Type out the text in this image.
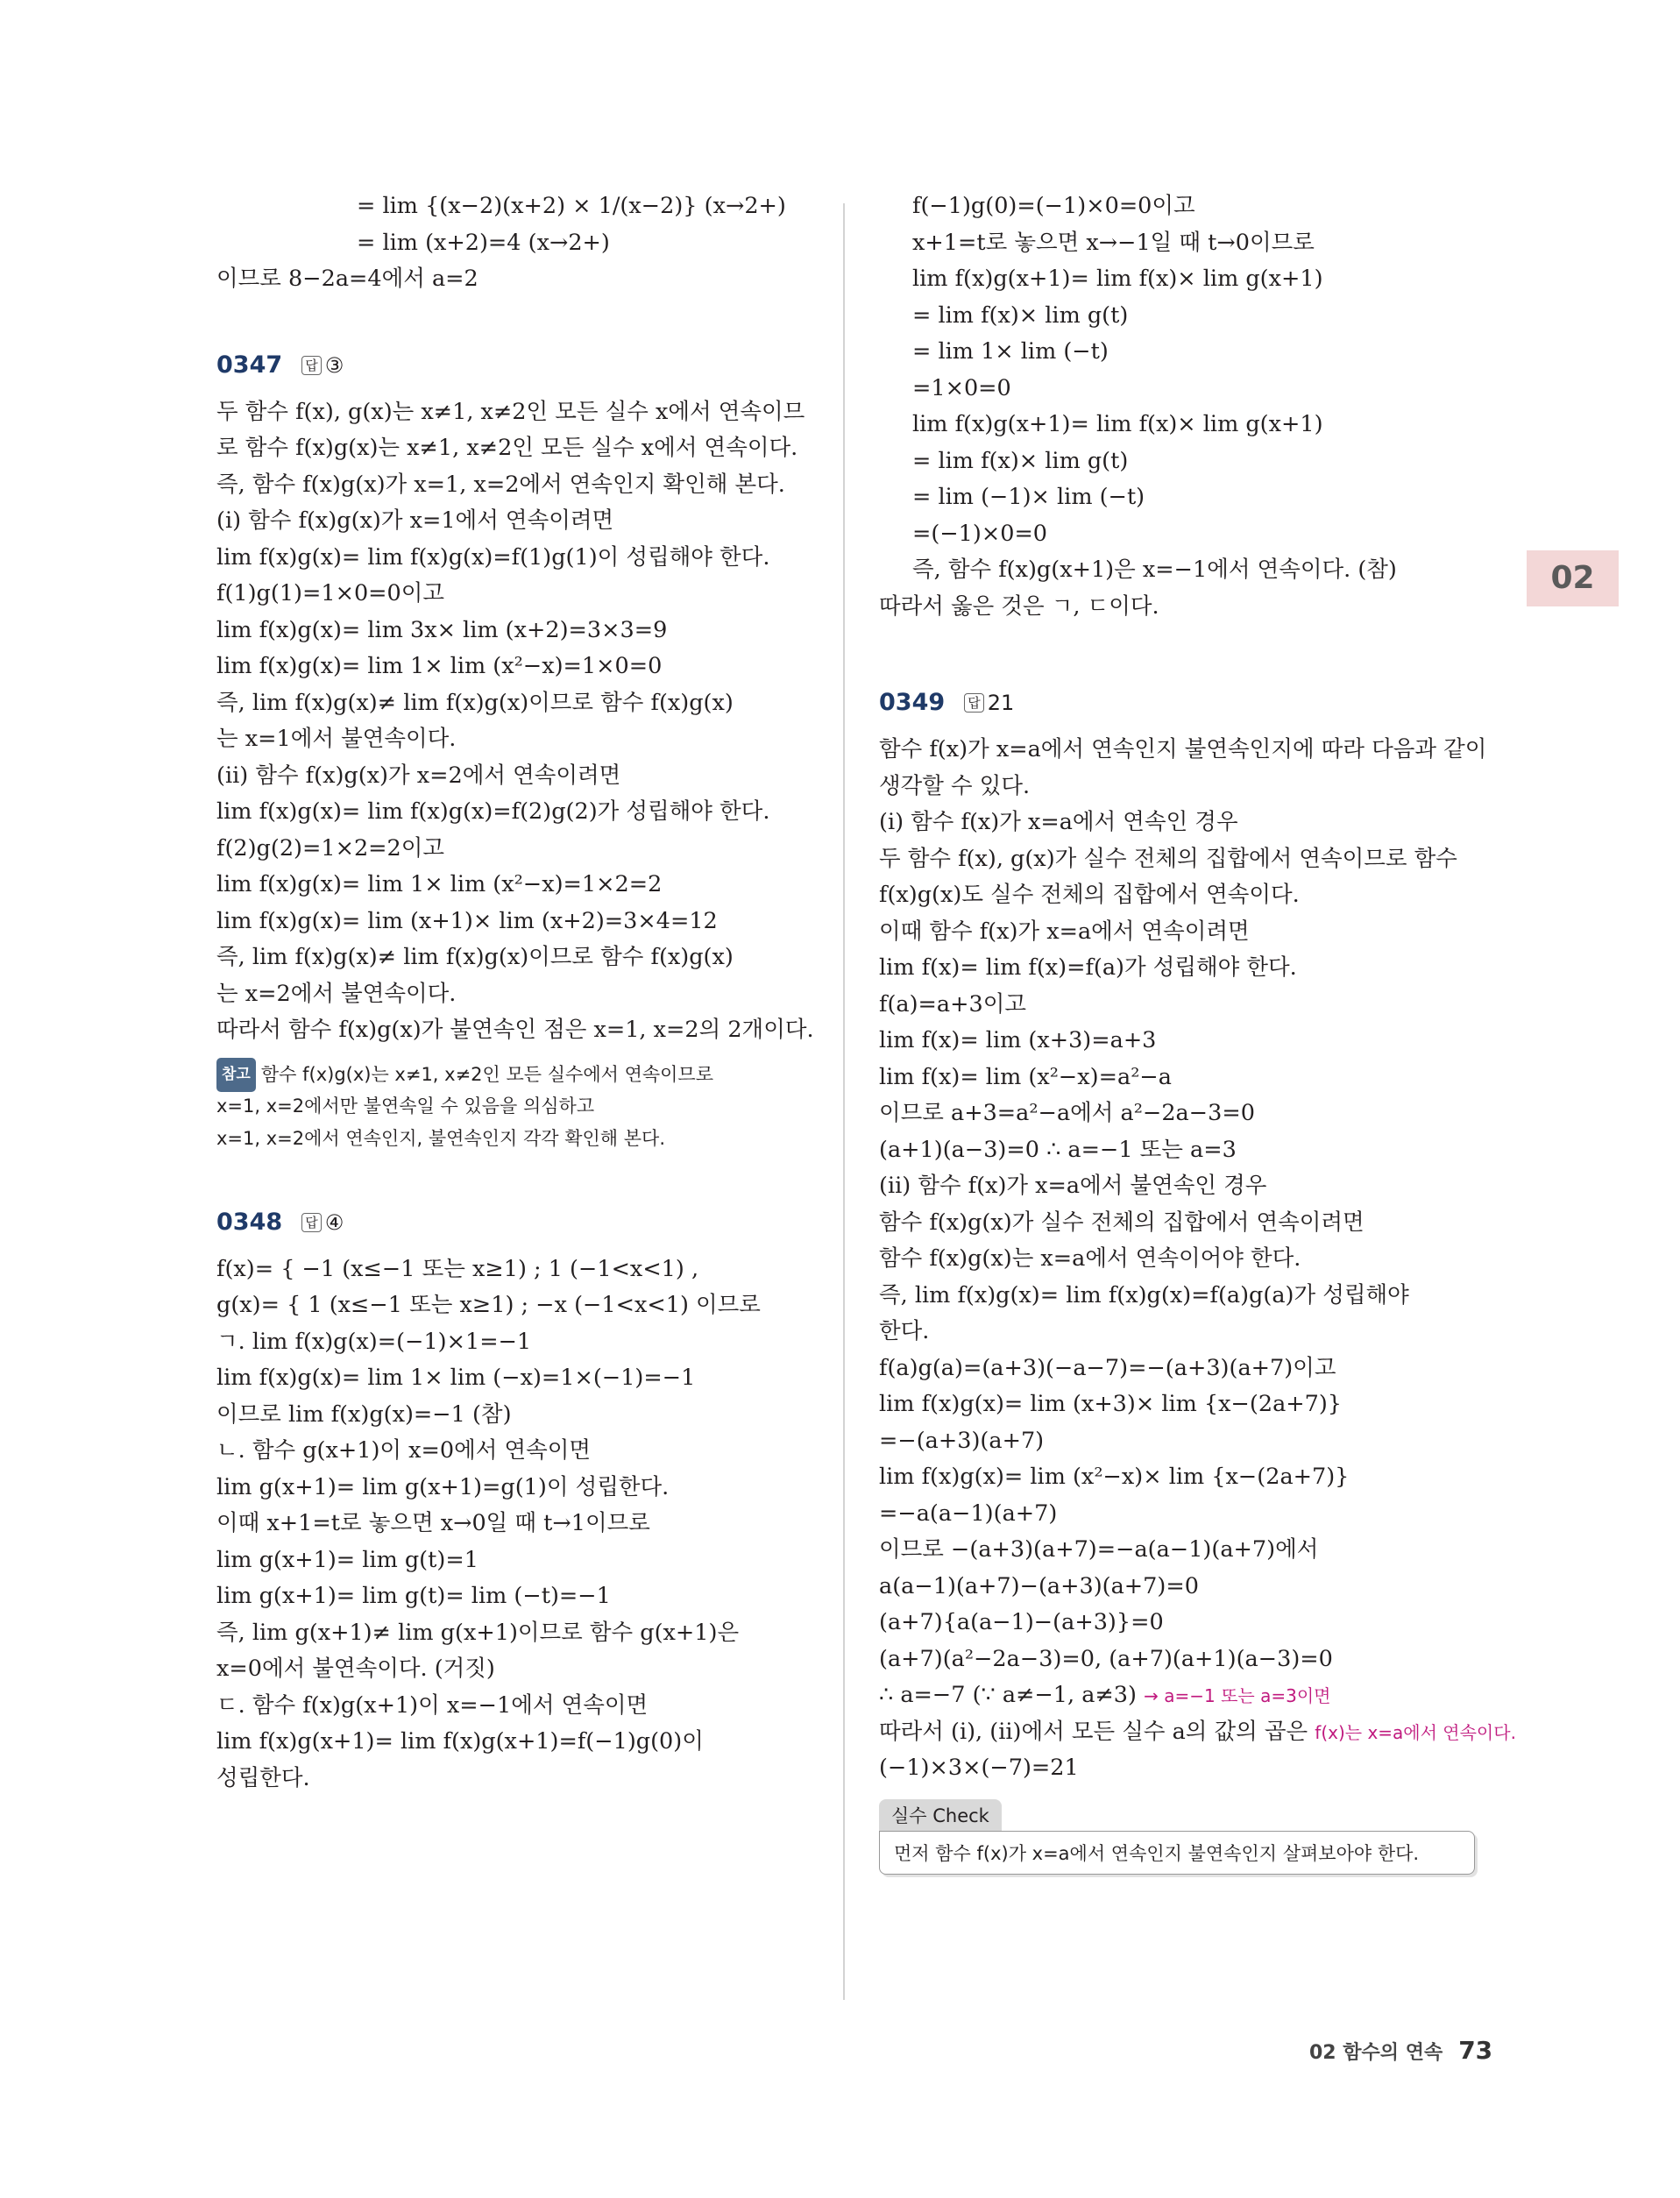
02
= lim {(x−2)(x+2) × 1/(x−2)} (x→2+)
= lim (x+2)=4 (x→2+)
이므로 8−2a=4에서 a=2
0347 답 ③
두 함수 f(x), g(x)는 x≠1, x≠2인 모든 실수 x에서 연속이므
로 함수 f(x)g(x)는 x≠1, x≠2인 모든 실수 x에서 연속이다.
즉, 함수 f(x)g(x)가 x=1, x=2에서 연속인지 확인해 본다.
(ⅰ) 함수 f(x)g(x)가 x=1에서 연속이려면
lim f(x)g(x)= lim f(x)g(x)=f(1)g(1)이 성립해야 한다.
f(1)g(1)=1×0=0이고
lim f(x)g(x)= lim 3x× lim (x+2)=3×3=9
lim f(x)g(x)= lim 1× lim (x²−x)=1×0=0
즉, lim f(x)g(x)≠ lim f(x)g(x)이므로 함수 f(x)g(x)
는 x=1에서 불연속이다.
(ⅱ) 함수 f(x)g(x)가 x=2에서 연속이려면
lim f(x)g(x)= lim f(x)g(x)=f(2)g(2)가 성립해야 한다.
f(2)g(2)=1×2=2이고
lim f(x)g(x)= lim 1× lim (x²−x)=1×2=2
lim f(x)g(x)= lim (x+1)× lim (x+2)=3×4=12
즉, lim f(x)g(x)≠ lim f(x)g(x)이므로 함수 f(x)g(x)
는 x=2에서 불연속이다.
따라서 함수 f(x)g(x)가 불연속인 점은 x=1, x=2의 2개이다.
참고 함수 f(x)g(x)는 x≠1, x≠2인 모든 실수에서 연속이므로
x=1, x=2에서만 불연속일 수 있음을 의심하고
x=1, x=2에서 연속인지, 불연속인지 각각 확인해 본다.
0348 답 ④
f(x)= { −1 (x≤−1 또는 x≥1) ; 1 (−1<x<1) ,
g(x)= { 1 (x≤−1 또는 x≥1) ; −x (−1<x<1) 이므로
ㄱ. lim f(x)g(x)=(−1)×1=−1
lim f(x)g(x)= lim 1× lim (−x)=1×(−1)=−1
이므로 lim f(x)g(x)=−1 (참)
ㄴ. 함수 g(x+1)이 x=0에서 연속이면
lim g(x+1)= lim g(x+1)=g(1)이 성립한다.
이때 x+1=t로 놓으면 x→0일 때 t→1이므로
lim g(x+1)= lim g(t)=1
lim g(x+1)= lim g(t)= lim (−t)=−1
즉, lim g(x+1)≠ lim g(x+1)이므로 함수 g(x+1)은
x=0에서 불연속이다. (거짓)
ㄷ. 함수 f(x)g(x+1)이 x=−1에서 연속이면
lim f(x)g(x+1)= lim f(x)g(x+1)=f(−1)g(0)이
성립한다.
f(−1)g(0)=(−1)×0=0이고
x+1=t로 놓으면 x→−1일 때 t→0이므로
lim f(x)g(x+1)= lim f(x)× lim g(x+1)
= lim f(x)× lim g(t)
= lim 1× lim (−t)
=1×0=0
lim f(x)g(x+1)= lim f(x)× lim g(x+1)
= lim f(x)× lim g(t)
= lim (−1)× lim (−t)
=(−1)×0=0
즉, 함수 f(x)g(x+1)은 x=−1에서 연속이다. (참)
따라서 옳은 것은 ㄱ, ㄷ이다.
0349 답 21
함수 f(x)가 x=a에서 연속인지 불연속인지에 따라 다음과 같이
생각할 수 있다.
(ⅰ) 함수 f(x)가 x=a에서 연속인 경우
두 함수 f(x), g(x)가 실수 전체의 집합에서 연속이므로 함수
f(x)g(x)도 실수 전체의 집합에서 연속이다.
이때 함수 f(x)가 x=a에서 연속이려면
lim f(x)= lim f(x)=f(a)가 성립해야 한다.
f(a)=a+3이고
lim f(x)= lim (x+3)=a+3
lim f(x)= lim (x²−x)=a²−a
이므로 a+3=a²−a에서 a²−2a−3=0
(a+1)(a−3)=0 ∴ a=−1 또는 a=3
(ⅱ) 함수 f(x)가 x=a에서 불연속인 경우
함수 f(x)g(x)가 실수 전체의 집합에서 연속이려면
함수 f(x)g(x)는 x=a에서 연속이어야 한다.
즉, lim f(x)g(x)= lim f(x)g(x)=f(a)g(a)가 성립해야
한다.
f(a)g(a)=(a+3)(−a−7)=−(a+3)(a+7)이고
lim f(x)g(x)= lim (x+3)× lim {x−(2a+7)}
=−(a+3)(a+7)
lim f(x)g(x)= lim (x²−x)× lim {x−(2a+7)}
=−a(a−1)(a+7)
이므로 −(a+3)(a+7)=−a(a−1)(a+7)에서
a(a−1)(a+7)−(a+3)(a+7)=0
(a+7){a(a−1)−(a+3)}=0
(a+7)(a²−2a−3)=0, (a+7)(a+1)(a−3)=0
∴ a=−7 (∵ a≠−1, a≠3) → a=−1 또는 a=3이면
따라서 (ⅰ), (ⅱ)에서 모든 실수 a의 값의 곱은 f(x)는 x=a에서 연속이다.
(−1)×3×(−7)=21
실수 Check
먼저 함수 f(x)가 x=a에서 연속인지 불연속인지 살펴보아야 한다.
02 함수의 연속 73
